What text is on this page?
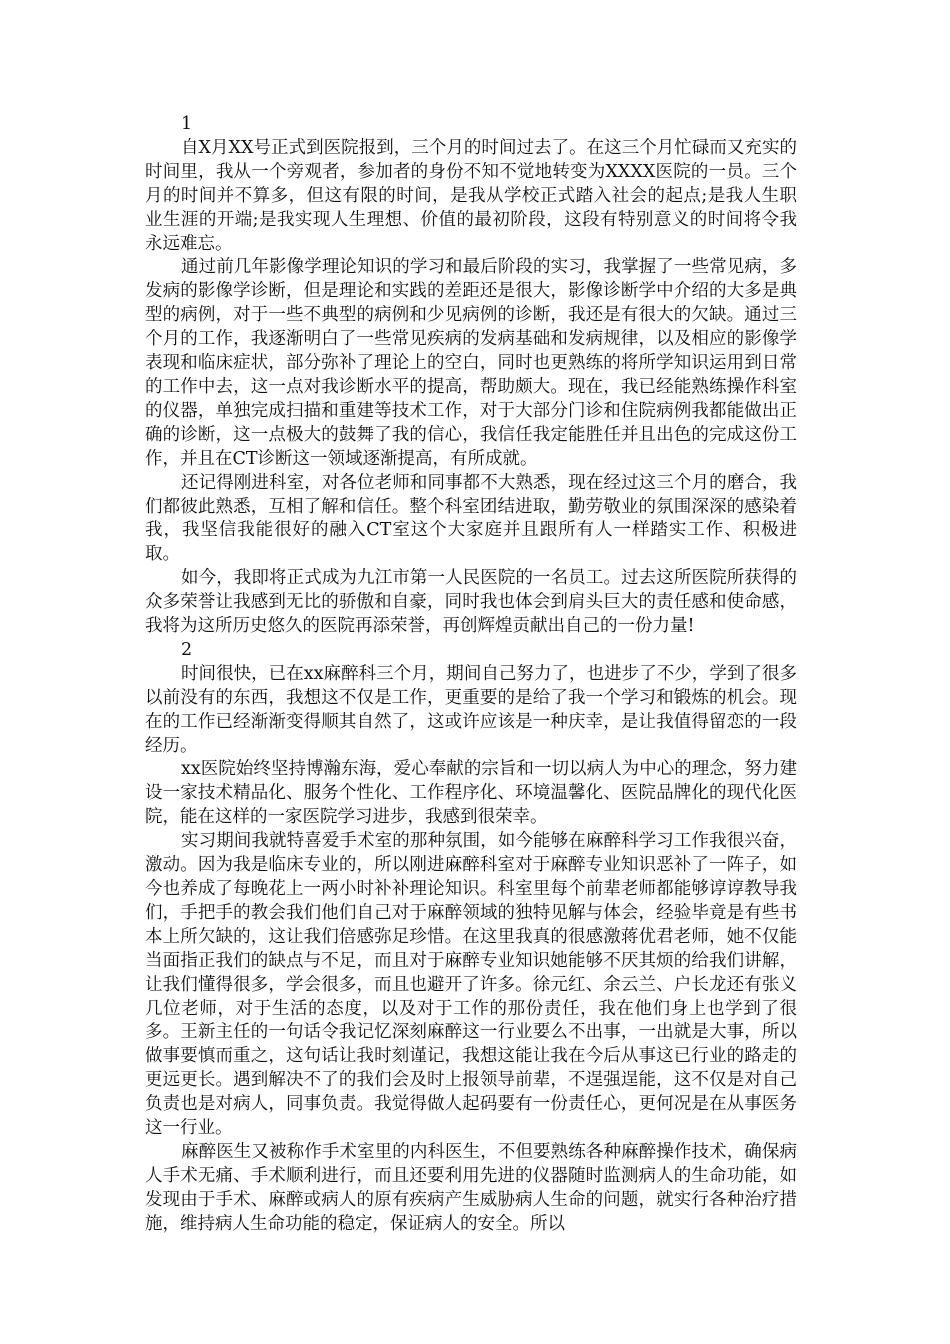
1

自X月XX号正式到医院报到，三个月的时间过去了。在这三个月忙碌而又充实的时间里，我从一个旁观者，参加者的身份不知不觉地转变为XXXX医院的一员。三个月的时间并不算多，但这有限的时间，是我从学校正式踏入社会的起点;是我人生职业生涯的开端;是我实现人生理想、价值的最初阶段，这段有特别意义的时间将令我永远难忘。

通过前几年影像学理论知识的学习和最后阶段的实习，我掌握了一些常见病，多发病的影像学诊断，但是理论和实践的差距还是很大，影像诊断学中介绍的大多是典型的病例，对于一些不典型的病例和少见病例的诊断，我还是有很大的欠缺。通过三个月的工作，我逐渐明白了一些常见疾病的发病基础和发病规律，以及相应的影像学表现和临床症状，部分弥补了理论上的空白，同时也更熟练的将所学知识运用到日常的工作中去，这一点对我诊断水平的提高，帮助颇大。现在，我已经能熟练操作科室的仪器，单独完成扫描和重建等技术工作，对于大部分门诊和住院病例我都能做出正确的诊断，这一点极大的鼓舞了我的信心，我信任我定能胜任并且出色的完成这份工作，并且在CT诊断这一领域逐渐提高，有所成就。

还记得刚进科室，对各位老师和同事都不大熟悉，现在经过这三个月的磨合，我们都彼此熟悉，互相了解和信任。整个科室团结进取，勤劳敬业的氛围深深的感染着我，我坚信我能很好的融入CT室这个大家庭并且跟所有人一样踏实工作、积极进取。

如今，我即将正式成为九江市第一人民医院的一名员工。过去这所医院所获得的众多荣誉让我感到无比的骄傲和自豪，同时我也体会到肩头巨大的责任感和使命感，我将为这所历史悠久的医院再添荣誉，再创辉煌贡献出自己的一份力量!

2

时间很快，已在xx麻醉科三个月，期间自己努力了，也进步了不少，学到了很多以前没有的东西，我想这不仅是工作，更重要的是给了我一个学习和锻炼的机会。现在的工作已经渐渐变得顺其自然了，这或许应该是一种庆幸，是让我值得留恋的一段经历。

xx医院始终坚持博瀚东海，爱心奉献的宗旨和一切以病人为中心的理念，努力建设一家技术精品化、服务个性化、工作程序化、环境温馨化、医院品牌化的现代化医院，能在这样的一家医院学习进步，我感到很荣幸。

实习期间我就特喜爱手术室的那种氛围，如今能够在麻醉科学习工作我很兴奋，激动。因为我是临床专业的，所以刚进麻醉科室对于麻醉专业知识恶补了一阵子，如今也养成了每晚花上一两小时补补理论知识。科室里每个前辈老师都能够谆谆教导我们，手把手的教会我们他们自己对于麻醉领域的独特见解与体会，经验毕竟是有些书本上所欠缺的，这让我们倍感弥足珍惜。在这里我真的很感激蒋优君老师，她不仅能当面指正我们的缺点与不足，而且对于麻醉专业知识她能够不厌其烦的给我们讲解，让我们懂得很多，学会很多，而且也避开了许多。徐元红、余云兰、户长龙还有张义几位老师，对于生活的态度，以及对于工作的那份责任，我在他们身上也学到了很多。王新主任的一句话令我记忆深刻麻醉这一行业要么不出事，一出就是大事，所以做事要慎而重之，这句话让我时刻谨记，我想这能让我在今后从事这已行业的路走的更远更长。遇到解决不了的我们会及时上报领导前辈，不逞强逞能，这不仅是对自己负责也是对病人，同事负责。我觉得做人起码要有一份责任心，更何况是在从事医务这一行业。

麻醉医生又被称作手术室里的内科医生，不但要熟练各种麻醉操作技术，确保病人手术无痛、手术顺利进行，而且还要利用先进的仪器随时监测病人的生命功能，如发现由于手术、麻醉或病人的原有疾病产生威胁病人生命的问题，就实行各种治疗措施，维持病人生命功能的稳定，保证病人的安全。所以
